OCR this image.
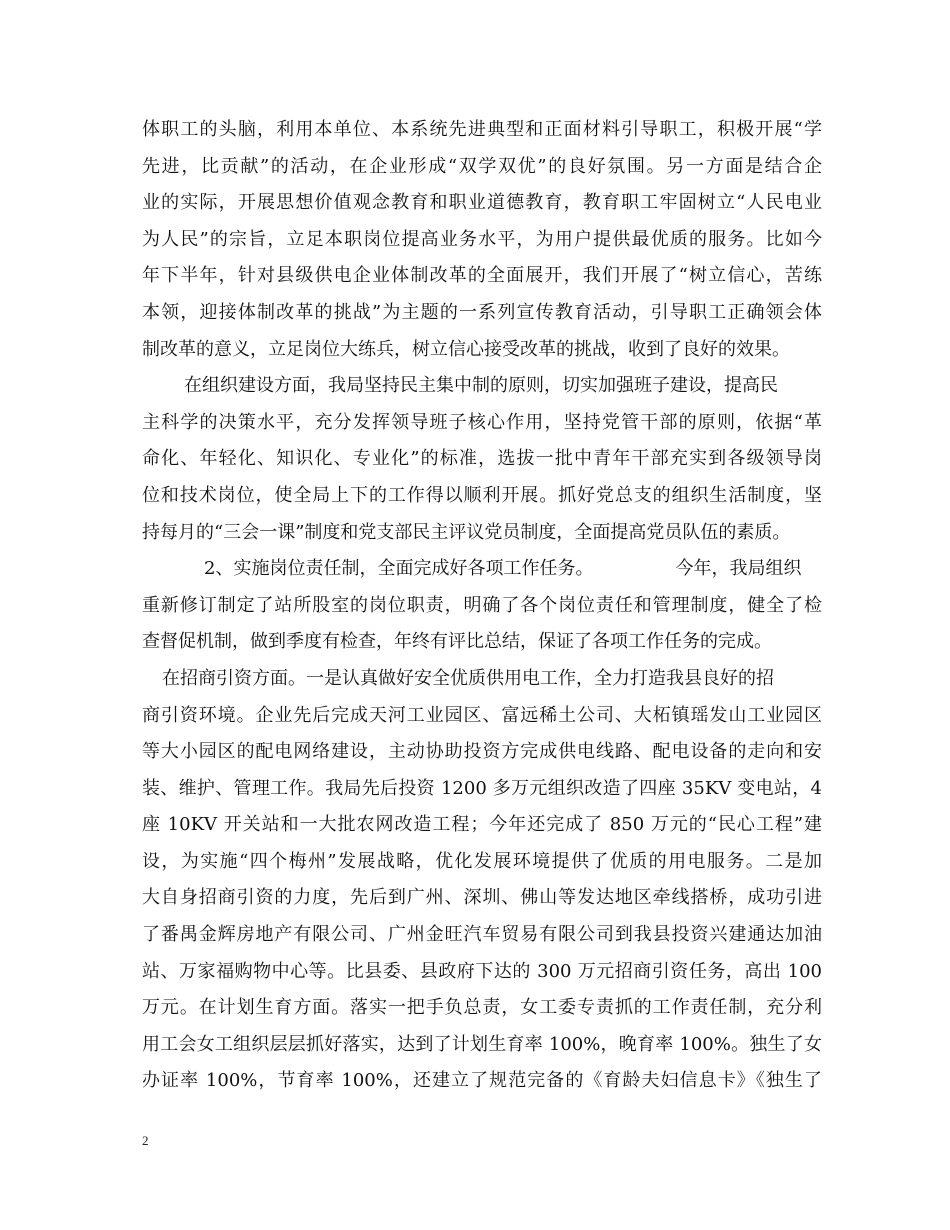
体职工的头脑，利用本单位、本系统先进典型和正面材料引导职工，积极开展“学
先进，比贡献”的活动，在企业形成“双学双优”的良好氛围。另一方面是结合企
业的实际，开展思想价值观念教育和职业道德教育，教育职工牢固树立“人民电业
为人民”的宗旨，立足本职岗位提高业务水平，为用户提供最优质的服务。比如今
年下半年，针对县级供电企业体制改革的全面展开，我们开展了“树立信心，苦练
本领，迎接体制改革的挑战”为主题的一系列宣传教育活动，引导职工正确领会体
制改革的意义，立足岗位大练兵，树立信心接受改革的挑战，收到了良好的效果。
在组织建设方面，我局坚持民主集中制的原则，切实加强班子建设，提高民
主科学的决策水平，充分发挥领导班子核心作用，坚持党管干部的原则，依据“革
命化、年轻化、知识化、专业化”的标准，选拔一批中青年干部充实到各级领导岗
位和技术岗位，使全局上下的工作得以顺利开展。抓好党总支的组织生活制度，坚
持每月的“三会一课”制度和党支部民主评议党员制度，全面提高党员队伍的素质。
2、实施岗位责任制，全面完成好各项工作任务。	今年，我局组织
重新修订制定了站所股室的岗位职责，明确了各个岗位责任和管理制度，健全了检
查督促机制，做到季度有检查，年终有评比总结，保证了各项工作任务的完成。
在招商引资方面。一是认真做好安全优质供用电工作，全力打造我县良好的招
商引资环境。企业先后完成天河工业园区、富远稀土公司、大柘镇瑶发山工业园区
等大小园区的配电网络建设，主动协助投资方完成供电线路、配电设备的走向和安
装、维护、管理工作。我局先后投资 1200 多万元组织改造了四座 35KV 变电站，4
座 10KV 开关站和一大批农网改造工程；今年还完成了 850 万元的“民心工程”建
设，为实施“四个梅州”发展战略，优化发展环境提供了优质的用电服务。二是加
大自身招商引资的力度，先后到广州、深圳、佛山等发达地区牵线搭桥，成功引进
了番禺金辉房地产有限公司、广州金旺汽车贸易有限公司到我县投资兴建通达加油
站、万家福购物中心等。比县委、县政府下达的 300 万元招商引资任务，高出 100
万元。在计划生育方面。落实一把手负总责，女工委专责抓的工作责任制，充分利
用工会女工组织层层抓好落实，达到了计划生育率 100%，晚育率 100%。独生了女
办证率 100%，节育率 100%，还建立了规范完备的《育龄夫妇信息卡》《独生了
2
